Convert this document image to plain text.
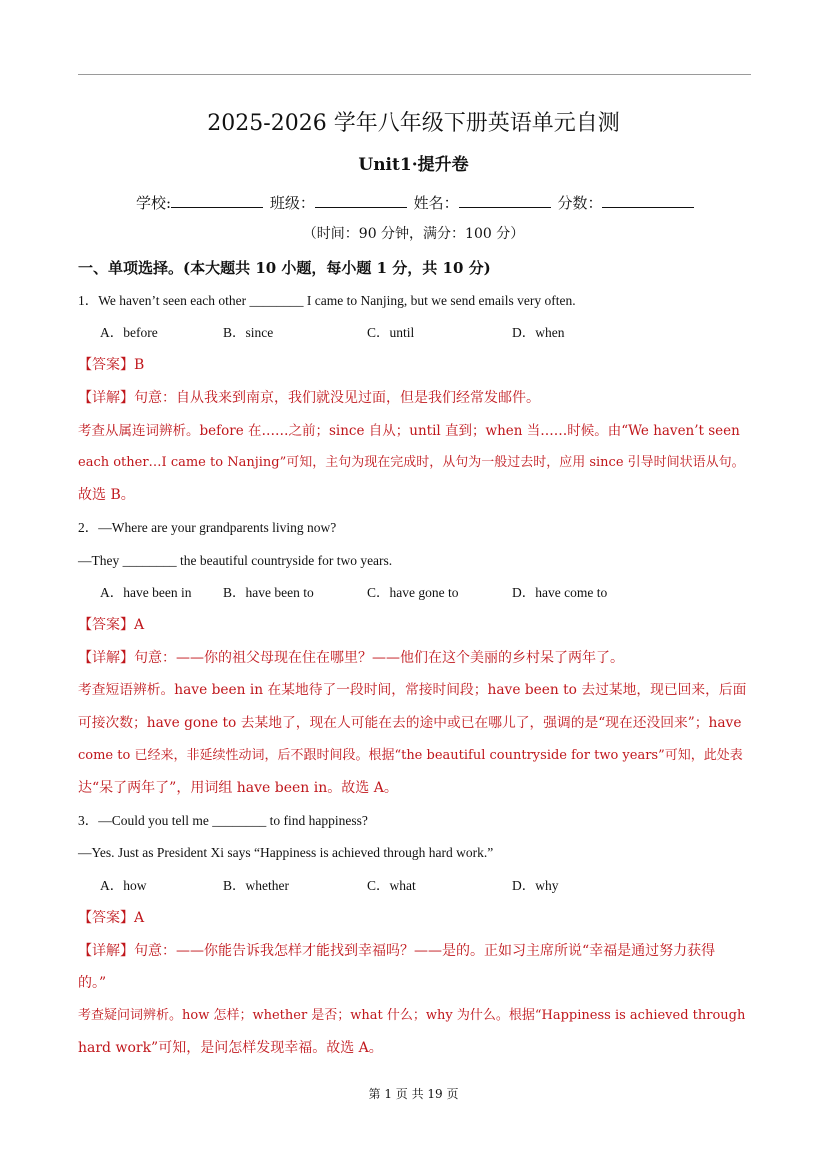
2025-2026 学年八年级下册英语单元自测
Unit1·提升卷
学校:	班级：	姓名：	分数：
（时间：90 分钟，满分：100 分）
一、单项选择。(本大题共 10 小题，每小题 1 分，共 10 分)
1．We haven’t seen each other ________ I came to Nanjing, but we send emails very often.
A．before	B．since	C．until	D．when
【答案】B
【详解】句意：自从我来到南京，我们就没见过面，但是我们经常发邮件。
考查从属连词辨析。before 在……之前；since 自从；until 直到；when 当……时候。由“We haven’t seen
each other…I came to Nanjing”可知，主句为现在完成时，从句为一般过去时，应用 since 引导时间状语从句。
故选 B。
2．—Where are your grandparents living now?
—They ________ the beautiful countryside for two years.
A．have been in B．have been to	C．have gone to	D．have come to
【答案】A
【详解】句意：——你的祖父母现在住在哪里？——他们在这个美丽的乡村呆了两年了。
考查短语辨析。have been in 在某地待了一段时间，常接时间段；have been to 去过某地，现已回来，后面
可接次数；have gone to 去某地了，现在人可能在去的途中或已在哪儿了，强调的是“现在还没回来”；have
come to 已经来，非延续性动词，后不跟时间段。根据“the beautiful countryside for two years”可知，此处表
达“呆了两年了”，用词组 have been in。故选 A。
3．—Could you tell me ________ to find happiness?
—Yes. Just as President Xi says “Happiness is achieved through hard work.”
A．how	B．whether	C．what	D．why
【答案】A
【详解】句意：——你能告诉我怎样才能找到幸福吗？——是的。正如习主席所说“幸福是通过努力获得
的。”
考查疑问词辨析。how 怎样；whether 是否；what 什么；why 为什么。根据“Happiness is achieved through
hard work”可知，是问怎样发现幸福。故选 A。
第 1 页 共 19 页
